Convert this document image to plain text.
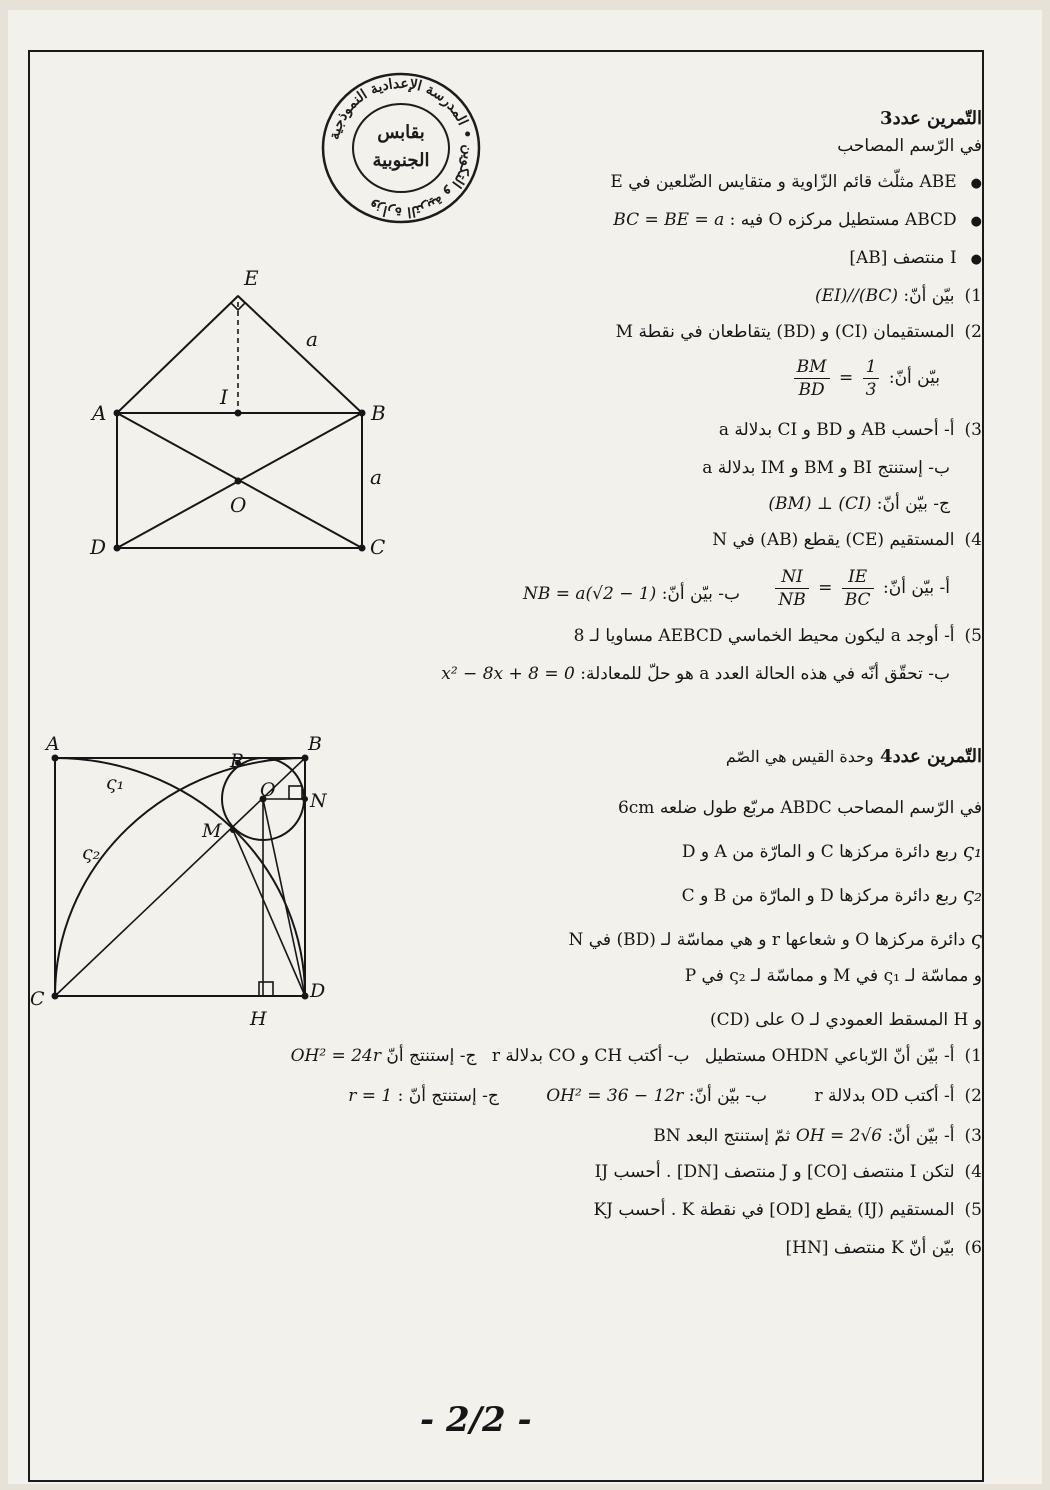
وزارة التربية و التكوين • المدرسة الإعدادية النموذجية
بقابس
الجنوبية
التّمرين عدد3
في الرّسم المصاحب
●ABE مثلّث قائم الزّاوية و متقايس الضّلعين في E
●ABCD مستطيل مركزه O فيه : BC = BE = a
●I منتصف [AB]
1)بيّن أنّ: (EI)//(BC)
2)المستقيمان (CI) و (BD) يتقاطعان في نقطة M
بيّن أنّ:
$\frac{1}{3}$
=
$\frac{BM}{BD}$
3)أ- أحسب AB و BD و CI بدلالة a
ب- إستنتج BI و BM و IM بدلالة a
ج- بيّن أنّ: (BM) ⊥ (CI)
4)المستقيم (CE) يقطع (AB) في N
أ- بيّن أنّ:
$\frac{IE}{BC}$
=
$\frac{NI}{NB}$
ب- بيّن أنّ: NB = a(√2 − 1)
5)أ- أوجد a ليكون محيط الخماسي AEBCD مساويا لـ 8
ب- تحقّق أنّه في هذه الحالة العدد a هو حلّ للمعادلة: x² − 8x + 8 = 0
E
A	B
I
a
a
O
D	C
التّمرين عدد4 وحدة القيس هي الصّم
في الرّسم المصاحب ABDC مربّع طول ضلعه 6cm
ς₁ ربع دائرة مركزها C و المارّة من A و D
ς₂ ربع دائرة مركزها D و المارّة من B و C
ς دائرة مركزها O و شعاعها r و هي مماسّة لـ (BD) في N
و مماسّة لـ ς₁ في M و مماسّة لـ ς₂ في P
و H المسقط العمودي لـ O على (CD)
1)أ- بيّن أنّ الرّباعي OHDN مستطيل ب- أكتب CH و CO بدلالة r ج- إستنتج أنّ OH² = 24r
2)أ- أكتب OD بدلالة r ب- بيّن أنّ: OH² = 36 − 12r ج- إستنتج أنّ : r = 1
3)أ- بيّن أنّ: OH = 2√6 ثمّ إستنتج البعد BN
4)لتكن I منتصف [CO] و J منتصف [DN] . أحسب IJ
5)المستقيم (IJ) يقطع [OD] في نقطة K . أحسب KJ
6)بيّن أنّ K منتصف [HN]
A	B
P
O N
M
ς₁
ς₂
C	D
H
- 2/2 -
